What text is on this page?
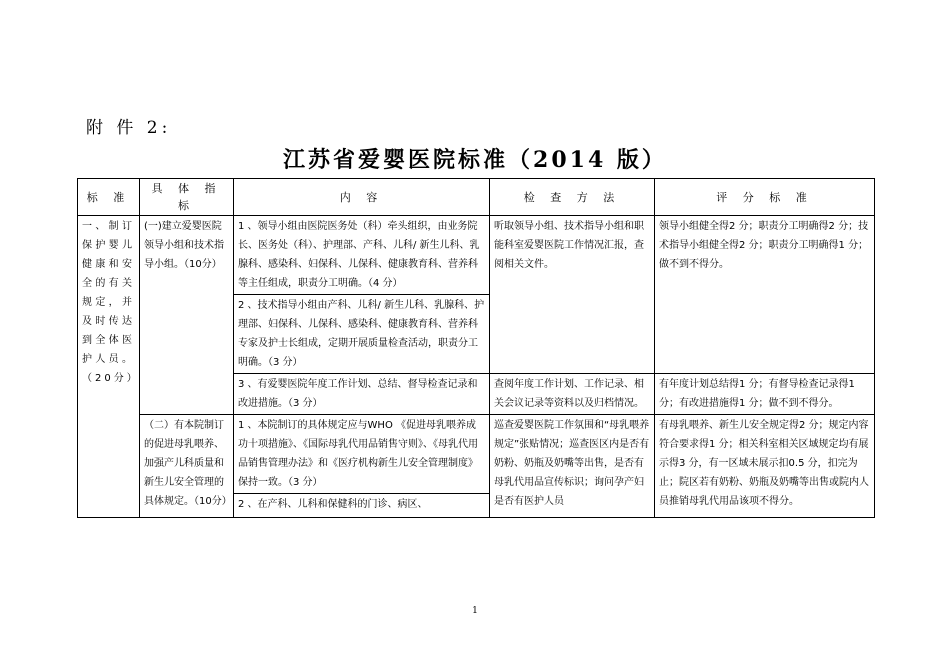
附 件 2:
江苏省爱婴医院标准（2014 版）
标 准	具 体 指 标	内 容	检 查 方 法	评 分 标 准
一、制订保护婴儿健康和安全的有关规定，并及时传达到全体医护人员。（20分）	(一)建立爱婴医院领导小组和技术指导小组。（10分）	1 、领导小组由医院医务处（科）牵头组织，由业务院长、医务处（科）、护理部、产科、儿科/ 新生儿科、乳腺科、感染科、妇保科、儿保科、健康教育科、营养科等主任组成，职责分工明确。（4 分）	听取领导小组、技术指导小组和职能科室爱婴医院工作情况汇报，查阅相关文件。	领导小组健全得2 分；职责分工明确得2 分；技术指导小组健全得2 分；职责分工明确得1 分；做不到不得分。
		2 、技术指导小组由产科、儿科/ 新生儿科、乳腺科、护理部、妇保科、儿保科、感染科、健康教育科、营养科专家及护士长组成，定期开展质量检查活动，职责分工明确。（3 分）		
		3 、有爱婴医院年度工作计划、总结、督导检查记录和改进措施。（3 分）	查阅年度工作计划、工作记录、相关会议记录等资料以及归档情况。	有年度计划总结得1 分；有督导检查记录得1 分；有改进措施得1 分；做不到不得分。
	（二）有本院制订的促进母乳喂养、加强产儿科质量和新生儿安全管理的具体规定。（10分）	1 、本院制订的具体规定应与WHO 《促进母乳喂养成功十项措施》、《国际母乳代用品销售守则》、《母乳代用品销售管理办法》和《医疗机构新生儿安全管理制度》保持一致。（3 分）	巡查爱婴医院工作氛围和“母乳喂养规定”张贴情况；巡查医区内是否有奶粉、奶瓶及奶嘴等出售，是否有母乳代用品宣传标识；询问孕产妇是否有医护人员	有母乳喂养、新生儿安全规定得2 分；规定内容符合要求得1 分；相关科室相关区域规定均有展示得3 分，有一区域未展示扣0.5 分，扣完为止；院区若有奶粉、奶瓶及奶嘴等出售或院内人员推销母乳代用品该项不得分。
		2 、在产科、儿科和保健科的门诊、病区、		
1
